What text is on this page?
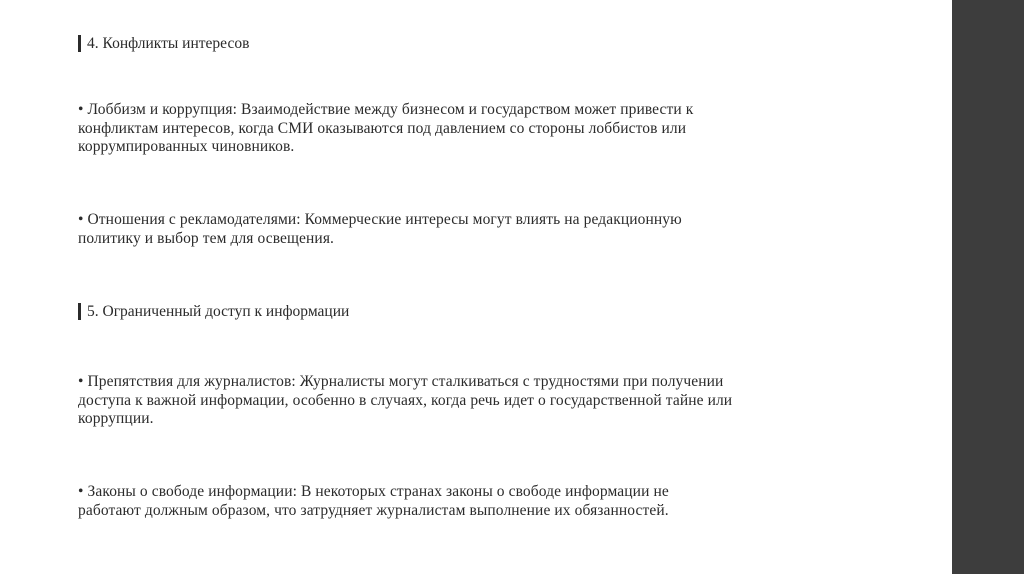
4. Конфликты интересов
• Лоббизм и коррупция: Взаимодействие между бизнесом и государством может привести к
конфликтам интересов, когда СМИ оказываются под давлением со стороны лоббистов или
коррумпированных чиновников.
• Отношения с рекламодателями: Коммерческие интересы могут влиять на редакционную
политику и выбор тем для освещения.
5. Ограниченный доступ к информации
• Препятствия для журналистов: Журналисты могут сталкиваться с трудностями при получении
доступа к важной информации, особенно в случаях, когда речь идет о государственной тайне или
коррупции.
• Законы о свободе информации: В некоторых странах законы о свободе информации не
работают должным образом, что затрудняет журналистам выполнение их обязанностей.
